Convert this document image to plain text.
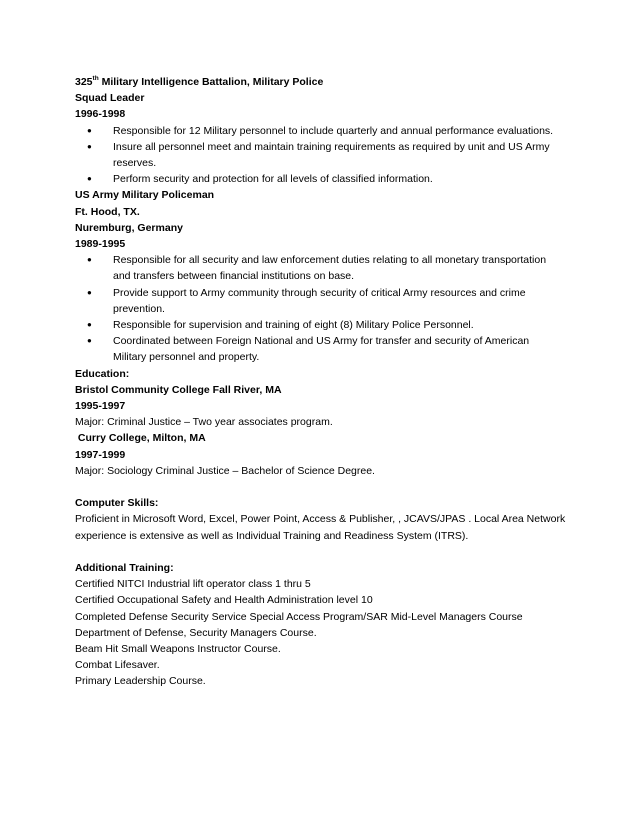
325th Military Intelligence Battalion, Military Police
Squad Leader
1996-1998
● Responsible for 12 Military personnel to include quarterly and annual performance evaluations.
● Insure all personnel meet and maintain training requirements as required by unit and US Army reserves.
● Perform security and protection for all levels of classified information.
US Army Military Policeman
Ft. Hood, TX.
Nuremburg, Germany
1989-1995
● Responsible for all security and law enforcement duties relating to all monetary transportation and transfers between financial institutions on base.
● Provide support to Army community through security of critical Army resources and crime prevention.
● Responsible for supervision and training of eight (8) Military Police Personnel.
● Coordinated between Foreign National and US Army for transfer and security of American Military personnel and property.
Education:
Bristol Community College Fall River, MA
1995-1997
Major: Criminal Justice – Two year associates program.
Curry College, Milton, MA
1997-1999
Major: Sociology Criminal Justice – Bachelor of Science Degree.
Computer Skills:
Proficient in Microsoft Word, Excel, Power Point, Access & Publisher, , JCAVS/JPAS . Local Area Network
experience is extensive as well as Individual Training and Readiness System (ITRS).
Additional Training:
Certified NITCI Industrial lift operator class 1 thru 5
Certified Occupational Safety and Health Administration level 10
Completed Defense Security Service Special Access Program/SAR Mid-Level Managers Course
Department of Defense, Security Managers Course.
Beam Hit Small Weapons Instructor Course.
Combat Lifesaver.
Primary Leadership Course.
